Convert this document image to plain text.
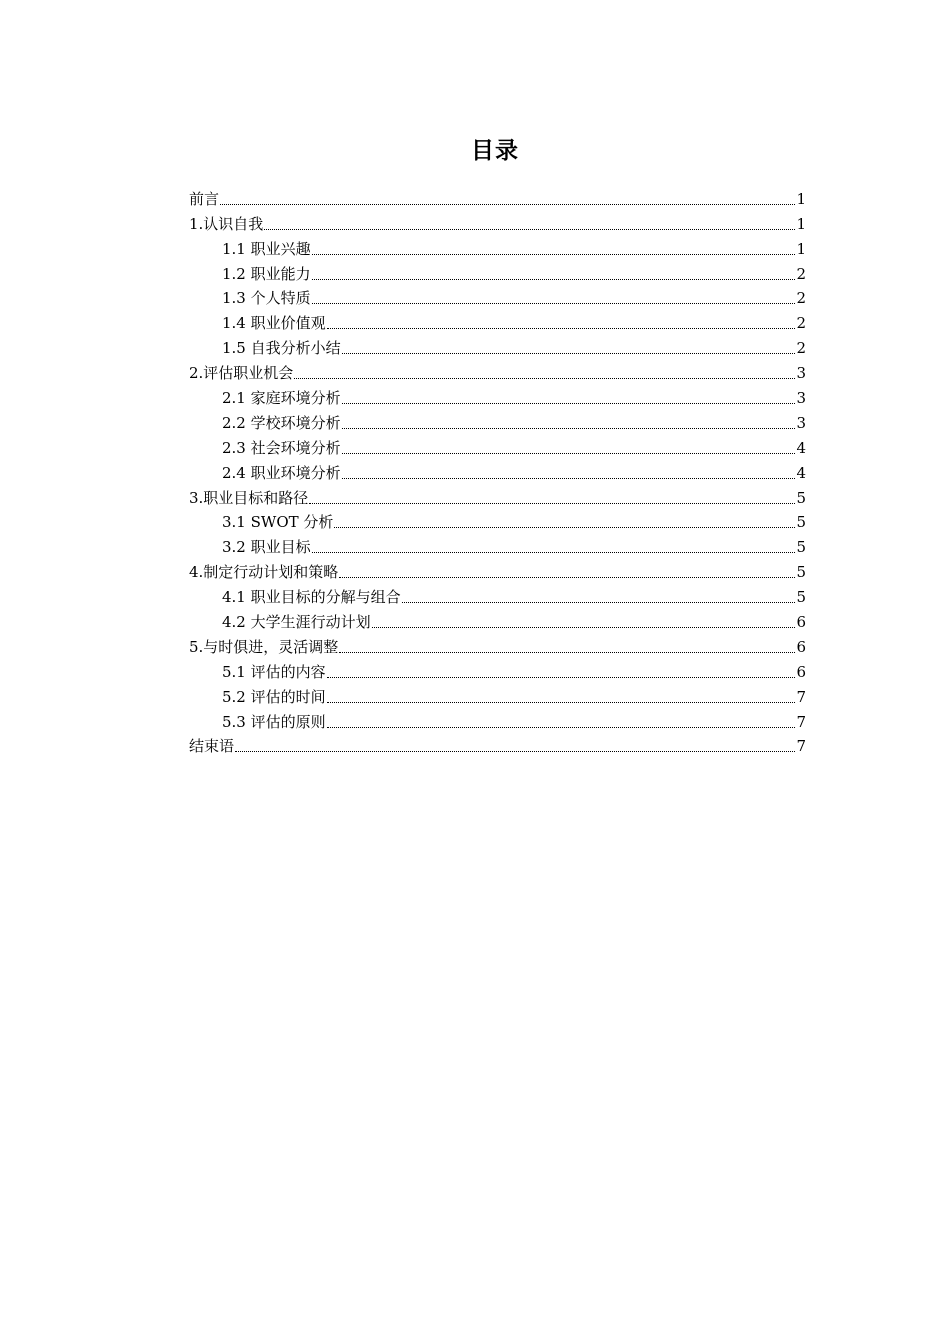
目录
前言	1
1.认识自我	1
1.1 职业兴趣	1
1.2 职业能力	2
1.3 个人特质	2
1.4 职业价值观	2
1.5 自我分析小结	2
2.评估职业机会	3
2.1 家庭环境分析	3
2.2 学校环境分析	3
2.3 社会环境分析	4
2.4 职业环境分析	4
3.职业目标和路径	5
3.1 SWOT 分析	5
3.2 职业目标	5
4.制定行动计划和策略	5
4.1 职业目标的分解与组合	5
4.2 大学生涯行动计划	6
5.与时俱进，灵活调整	6
5.1 评估的内容	6
5.2 评估的时间	7
5.3 评估的原则	7
结束语	7
